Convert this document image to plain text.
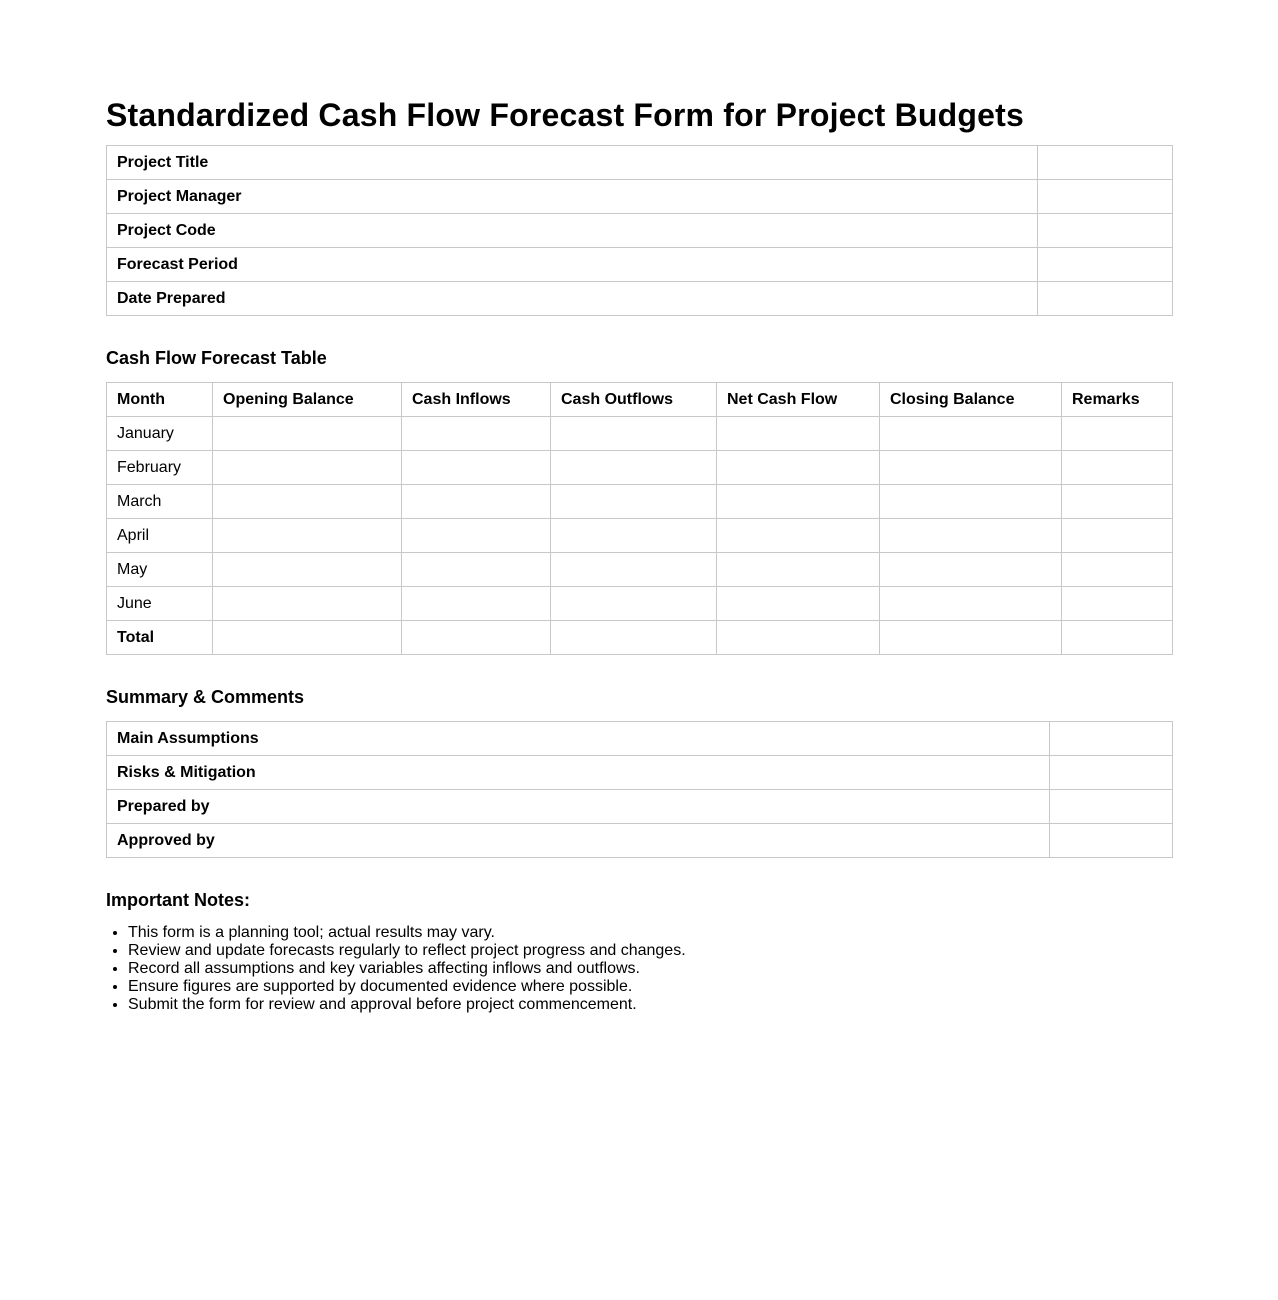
Standardized Cash Flow Forecast Form for Project Budgets
Project Title	
Project Manager	
Project Code	
Forecast Period	
Date Prepared	
Cash Flow Forecast Table
Month	Opening Balance	Cash Inflows	Cash Outflows	Net Cash Flow	Closing Balance	Remarks
January						
February						
March						
April						
May						
June						
Total						
Summary & Comments
Main Assumptions	
Risks & Mitigation	
Prepared by	
Approved by	
Important Notes:
• This form is a planning tool; actual results may vary.
• Review and update forecasts regularly to reflect project progress and changes.
• Record all assumptions and key variables affecting inflows and outflows.
• Ensure figures are supported by documented evidence where possible.
• Submit the form for review and approval before project commencement.
